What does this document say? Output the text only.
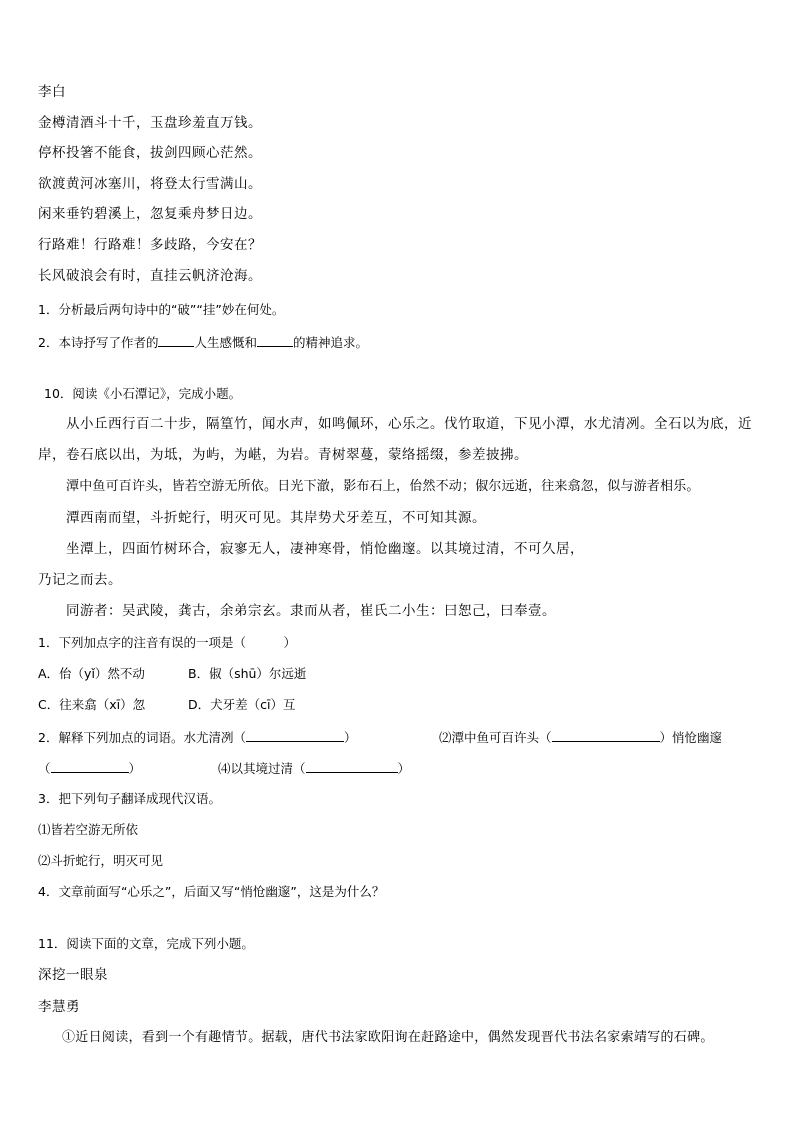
李白
金樽清酒斗十千，玉盘珍羞直万钱。
停杯投箸不能食，拔剑四顾心茫然。
欲渡黄河冰塞川，将登太行雪满山。
闲来垂钓碧溪上，忽复乘舟梦日边。
行路难！行路难！多歧路，今安在？
长风破浪会有时，直挂云帆济沧海。
1．分析最后两句诗中的“破”“挂”妙在何处。
2．本诗抒写了作者的	人生感慨和	的精神追求。
10．阅读《小石潭记》，完成小题。
从小丘西行百二十步，隔篁竹，闻水声，如鸣佩环，心乐之。伐竹取道，下见小潭，水尤清冽。全石以为底，近
岸，卷石底以出，为坻，为屿，为嵁，为岩。青树翠蔓，蒙络摇缀，参差披拂。
潭中鱼可百许头，皆若空游无所依。日光下澈，影布石上，佁然不动；俶尔远逝，往来翕忽，似与游者相乐。
潭西南而望，斗折蛇行，明灭可见。其岸势犬牙差互，不可知其源。
坐潭上，四面竹树环合，寂寥无人，凄神寒骨，悄怆幽邃。以其境过清，不可久居，
乃记之而去。
同游者：吴武陵，龚古，余弟宗玄。隶而从者，崔氏二小生：曰恕己，曰奉壹。
1．下列加点字的注音有误的一项是（　　　）
A．佁（yǐ）然不动	B．俶（shū）尔远逝
C．往来翕（xī）忽	D．犬牙差（cī）互
2．解释下列加点的词语。水尤清冽（	）	⑵潭中鱼可百许头（	）悄怆幽邃
（	）	⑷以其境过清（	）
3．把下列句子翻译成现代汉语。
⑴皆若空游无所依
⑵斗折蛇行，明灭可见
4．文章前面写“心乐之”，后面又写“悄怆幽邃”，这是为什么？
11．阅读下面的文章，完成下列小题。
深挖一眼泉
李慧勇
①近日阅读，看到一个有趣情节。据载，唐代书法家欧阳询在赶路途中，偶然发现晋代书法名家索靖写的石碑。
